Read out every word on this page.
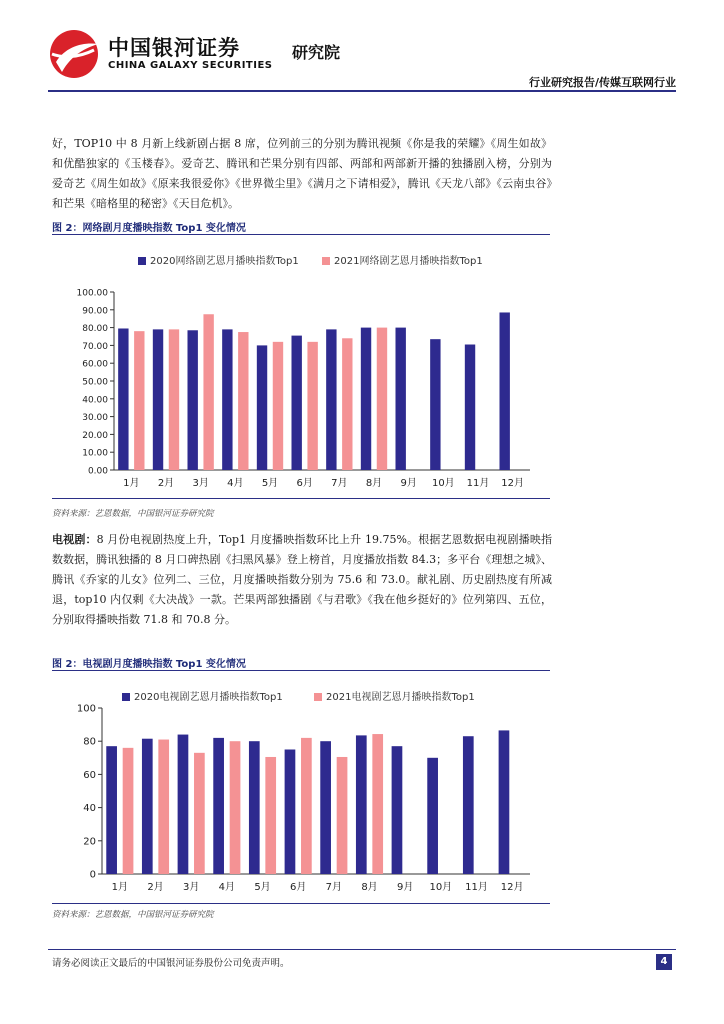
中国银河证券
CHINA GALAXY SECURITIES
研究院
行业研究报告/传媒互联网行业
好，TOP10 中 8 月新上线新剧占据 8 席，位列前三的分别为腾讯视频《你是我的荣耀》《周生如故》和优酷独家的《玉楼春》。爱奇艺、腾讯和芒果分别有四部、两部和两部新开播的独播剧入榜，分别为爱奇艺《周生如故》《原来我很爱你》《世界微尘里》《满月之下请相爱》，腾讯《天龙八部》《云南虫谷》和芒果《暗格里的秘密》《天目危机》。
图 2：网络剧月度播映指数 Top1 变化情况
2020网络剧艺恩月播映指数Top1	2021网络剧艺恩月播映指数Top1
0.00
10.00
20.00
30.00
40.00
50.00
60.00
70.00
80.00
90.00
100.00
1月 2月 3月 4月 5月 6月 7月 8月 9月 10月 11月 12月
资料来源：艺恩数据，中国银河证券研究院
电视剧：8 月份电视剧热度上升，Top1 月度播映指数环比上升 19.75%。根据艺恩数据电视剧播映指数数据，腾讯独播的 8 月口碑热剧《扫黑风暴》登上榜首，月度播放指数 84.3；多平台《理想之城》、腾讯《乔家的儿女》位列二、三位，月度播映指数分别为 75.6 和 73.0。献礼剧、历史剧热度有所减退，top10 内仅剩《大决战》一款。芒果两部独播剧《与君歌》《我在他乡挺好的》位列第四、五位，分别取得播映指数 71.8 和 70.8 分。
图 2：电视剧月度播映指数 Top1 变化情况
2020电视剧艺恩月播映指数Top1	2021电视剧艺恩月播映指数Top1
0
20
40
60
80
100
1月 2月 3月 4月 5月 6月 7月 8月 9月 10月 11月 12月
资料来源：艺恩数据，中国银河证券研究院
请务必阅读正文最后的中国银河证券股份公司免责声明。	4
